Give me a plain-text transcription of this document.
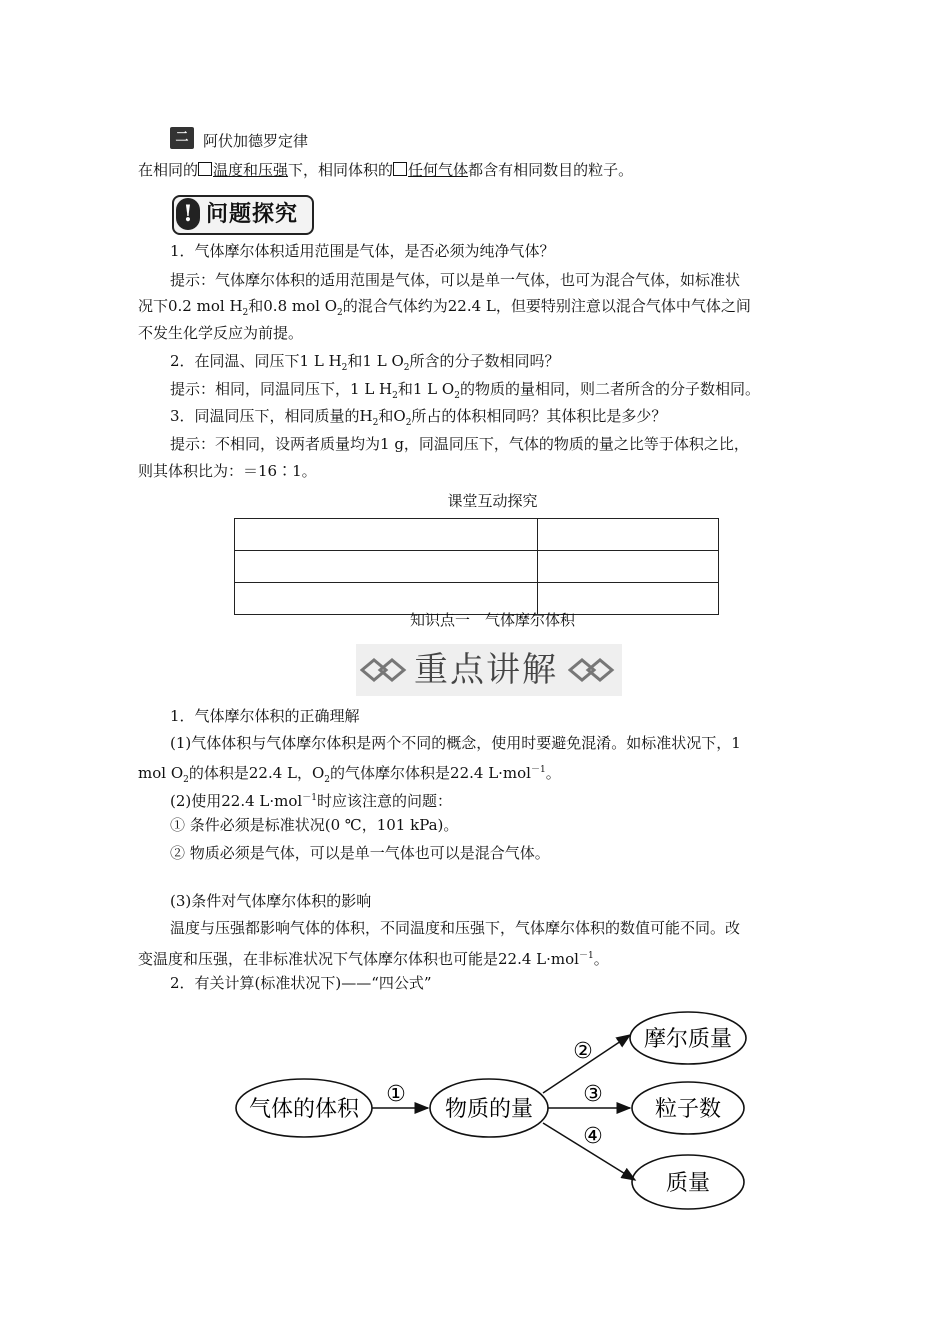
二 阿伏加德罗定律
在相同的 温度和压强下，相同体积的 任何气体都含有相同数目的粒子。
! 问题探究
1．气体摩尔体积适用范围是气体，是否必须为纯净气体？
提示：气体摩尔体积的适用范围是气体，可以是单一气体，也可为混合气体，如标准状
况下0.2 mol $H_2$和0.8 mol $O_2$的混合气体约为22.4 L，但要特别注意以混合气体中气体之间
不发生化学反应为前提。
2．在同温、同压下1 L $H_2$和1 L $O_2$所含的分子数相同吗？
提示：相同，同温同压下，1 L $H_2$和1 L $O_2$的物质的量相同，则二者所含的分子数相同。
3．同温同压下，相同质量的$H_2$和$O_2$所占的体积相同吗？其体积比是多少？
提示：不相同，设两者质量均为1 g，同温同压下，气体的物质的量之比等于体积之比，
则其体积比为：＝16∶1。
课堂互动探究

知识点一　气体摩尔体积
重点讲解
1．气体摩尔体积的正确理解
(1)气体体积与气体摩尔体积是两个不同的概念，使用时要避免混淆。如标准状况下，1
mol $O_2$的体积是22.4 L，$O_2$的气体摩尔体积是22.4 L·mol$^{-1}$。
(2)使用22.4 L·mol$^{-1}$时应该注意的问题：
① 条件必须是标准状况(0 ℃，101 kPa)。
② 物质必须是气体，可以是单一气体也可以是混合气体。
(3)条件对气体摩尔体积的影响
温度与压强都影响气体的体积，不同温度和压强下，气体摩尔体积的数值可能不同。改
变温度和压强，在非标准状况下气体摩尔体积也可能是22.4 L·mol$^{-1}$。
2．有关计算(标准状况下)——“四公式”
气体的体积	物质的量
摩尔质量
粒子数
质量
①
②
③
④
